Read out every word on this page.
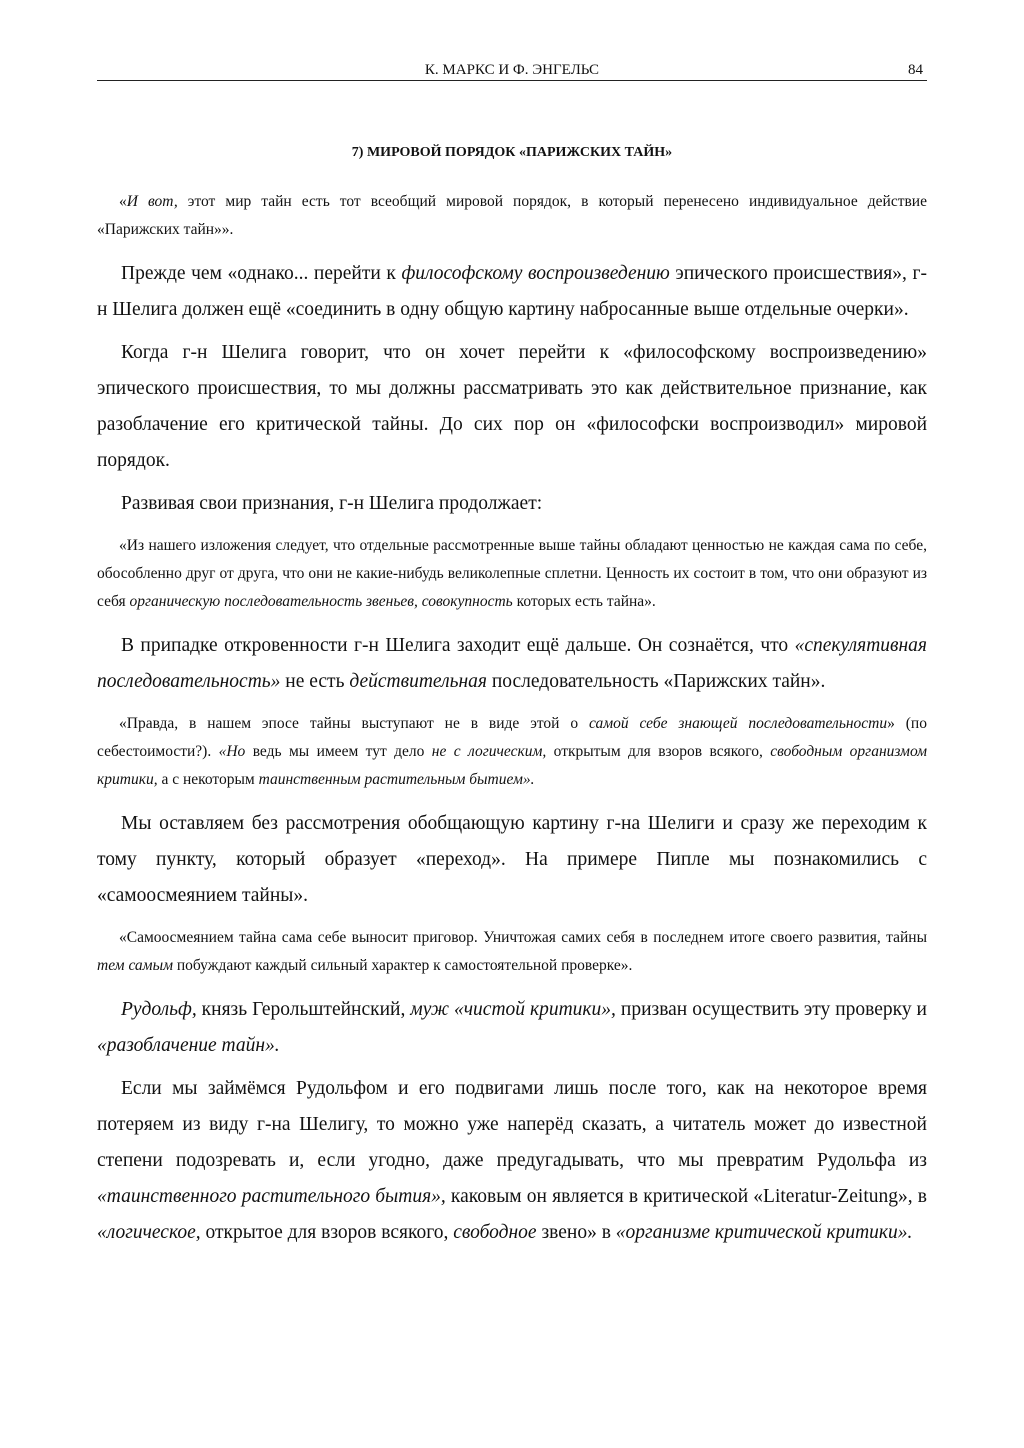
К. МАРКС И Ф. ЭНГЕЛЬС	84
7) МИРОВОЙ ПОРЯДОК «ПАРИЖСКИХ ТАЙН»

«И вот, этот мир тайн есть тот всеобщий мировой порядок, в который перенесено индивидуальное действие «Парижских тайн»».

Прежде чем «однако... перейти к философскому воспроизведению эпического происшествия», г-н Шелига должен ещё «соединить в одну общую картину набросанные выше отдельные очерки».

Когда г-н Шелига говорит, что он хочет перейти к «философскому воспроизведению» эпического происшествия, то мы должны рассматривать это как действительное признание, как разоблачение его критической тайны. До сих пор он «философски воспроизводил» мировой порядок.

Развивая свои признания, г-н Шелига продолжает:

«Из нашего изложения следует, что отдельные рассмотренные выше тайны обладают ценностью не каждая сама по себе, обособленно друг от друга, что они не какие-нибудь великолепные сплетни. Ценность их состоит в том, что они образуют из себя органическую последовательность звеньев, совокупность которых есть тайна».

В припадке откровенности г-н Шелига заходит ещё дальше. Он сознаётся, что «спекулятивная последовательность» не есть действительная последовательность «Парижских тайн».

«Правда, в нашем эпосе тайны выступают не в виде этой о самой себе знающей последовательности» (по себестоимости?). «Но ведь мы имеем тут дело не с логическим, открытым для взоров всякого, свободным организмом критики, а с некоторым таинственным растительным бытием».

Мы оставляем без рассмотрения обобщающую картину г-на Шелиги и сразу же переходим к тому пункту, который образует «переход». На примере Пипле мы познакомились с «самоосмеянием тайны».

«Самоосмеянием тайна сама себе выносит приговор. Уничтожая самих себя в последнем итоге своего развития, тайны тем самым побуждают каждый сильный характер к самостоятельной проверке».

Рудольф, князь Герольштейнский, муж «чистой критики», призван осуществить эту проверку и «разоблачение тайн».

Если мы займёмся Рудольфом и его подвигами лишь после того, как на некоторое время потеряем из виду г-на Шелигу, то можно уже наперёд сказать, а читатель может до известной степени подозревать и, если угодно, даже предугадывать, что мы превратим Рудольфа из «таинственного растительного бытия», каковым он является в критической «Literatur-Zeitung», в «логическое, открытое для взоров всякого, свободное звено» в «организме критической критики».
